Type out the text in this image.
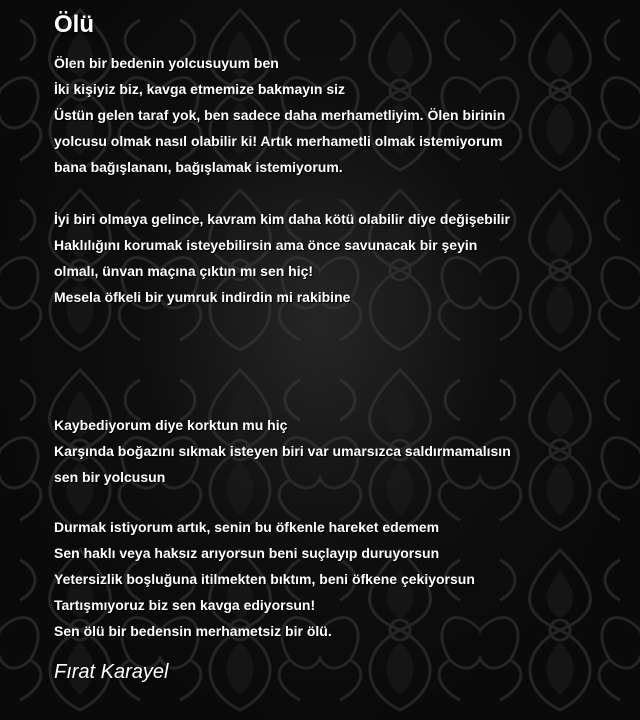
Ölü
Ölen bir bedenin yolcusuyum ben
İki kişiyiz biz, kavga etmemize bakmayın siz
Üstün gelen taraf yok, ben sadece daha merhametliyim. Ölen birinin
yolcusu olmak nasıl olabilir ki! Artık merhametli olmak istemiyorum
bana bağışlananı, bağışlamak istemiyorum.
İyi biri olmaya gelince, kavram kim daha kötü olabilir diye değişebilir
Haklılığını korumak isteyebilirsin ama önce savunacak bir şeyin
olmalı, ünvan maçına çıktın mı sen hiç!
Mesela öfkeli bir yumruk indirdin mi rakibine
Kaybediyorum diye korktun mu hiç
Karşında boğazını sıkmak isteyen biri var umarsızca saldırmamalısın
sen bir yolcusun
Durmak istiyorum artık, senin bu öfkenle hareket edemem
Sen haklı veya haksız arıyorsun beni suçlayıp duruyorsun
Yetersizlik boşluğuna itilmekten bıktım, beni öfkene çekiyorsun
Tartışmıyoruz biz sen kavga ediyorsun!
Sen ölü bir bedensin merhametsiz bir ölü.
Fırat Karayel
